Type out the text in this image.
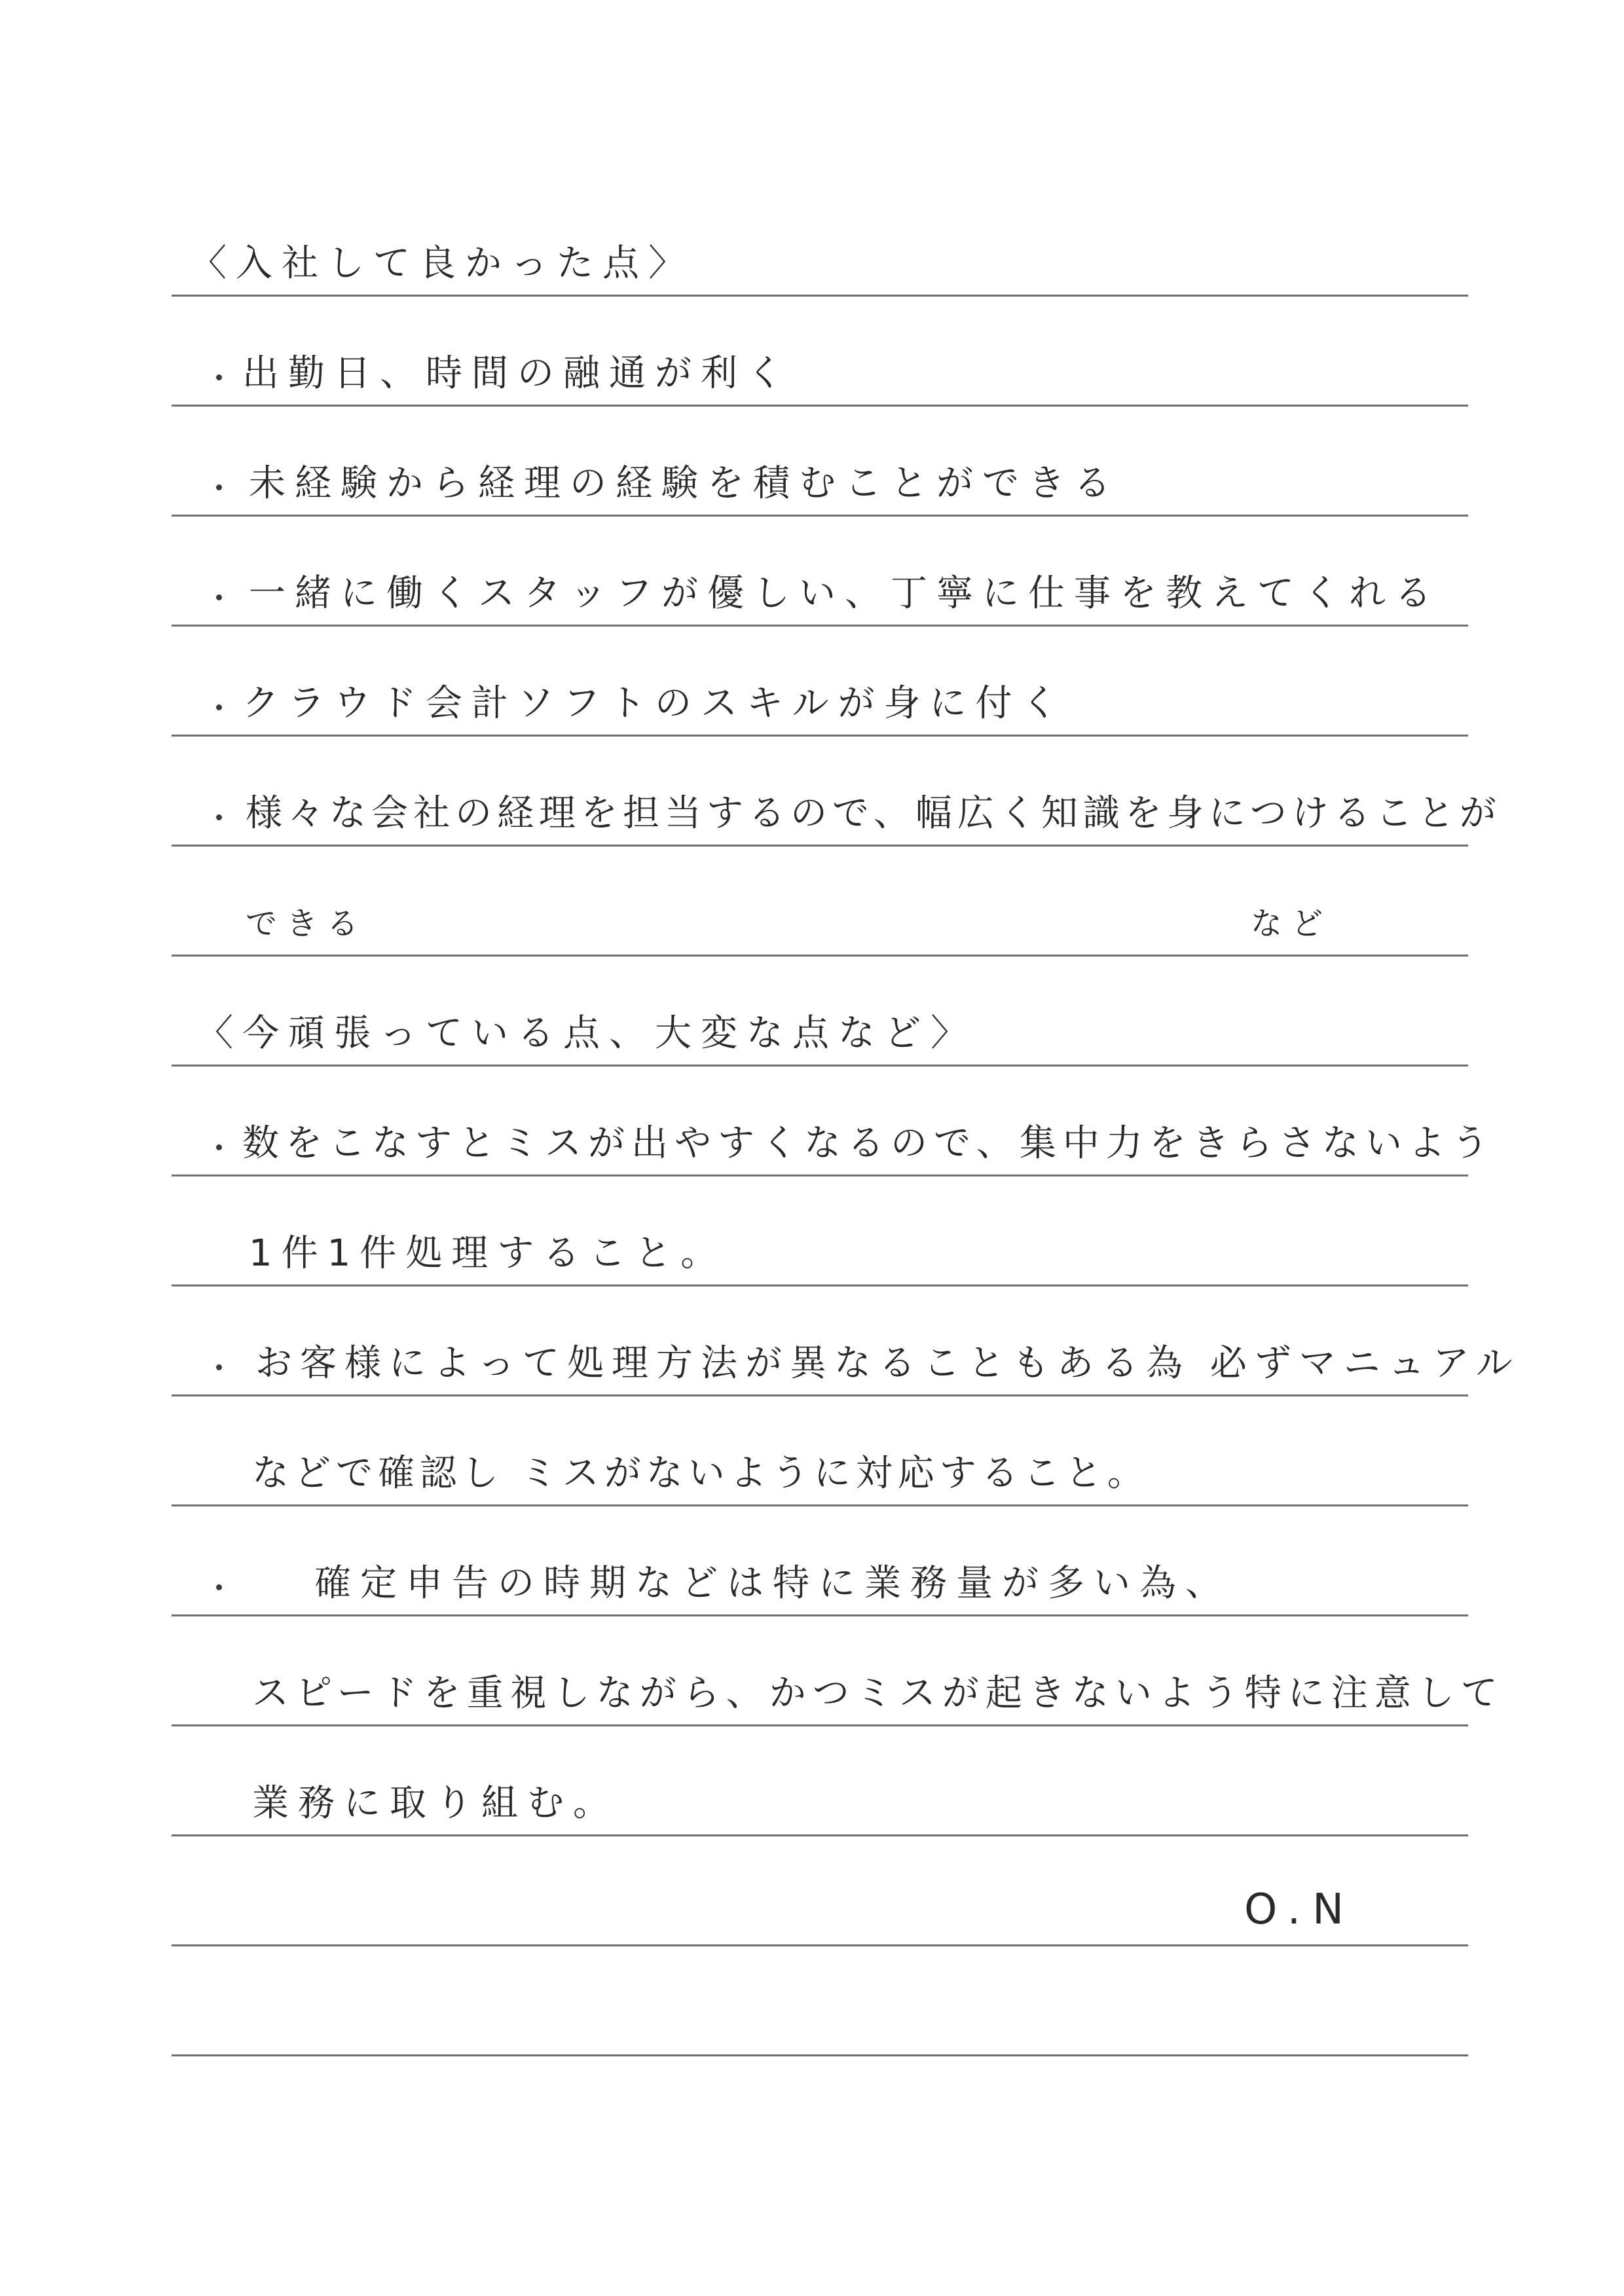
〈入社して良かった点〉
出勤日、時間の融通が利く
未経験から経理の経験を積むことができる
一緒に働くスタッフが優しい、丁寧に仕事を教えてくれる
クラウド会計ソフトのスキルが身に付く
様々な会社の経理を担当するので、幅広く知識を身につけることが
できる	など
〈今頑張っている点、大変な点など〉
数をこなすとミスが出やすくなるので、集中力をきらさないよう
1件1件処理すること。
お客様によって処理方法が異なることもある為 必ずマニュアル
などで確認し ミスがないように対応すること。
確定申告の時期などは特に業務量が多い為、
スピードを重視しながら、かつミスが起きないよう特に注意して
業務に取り組む。
O.N
